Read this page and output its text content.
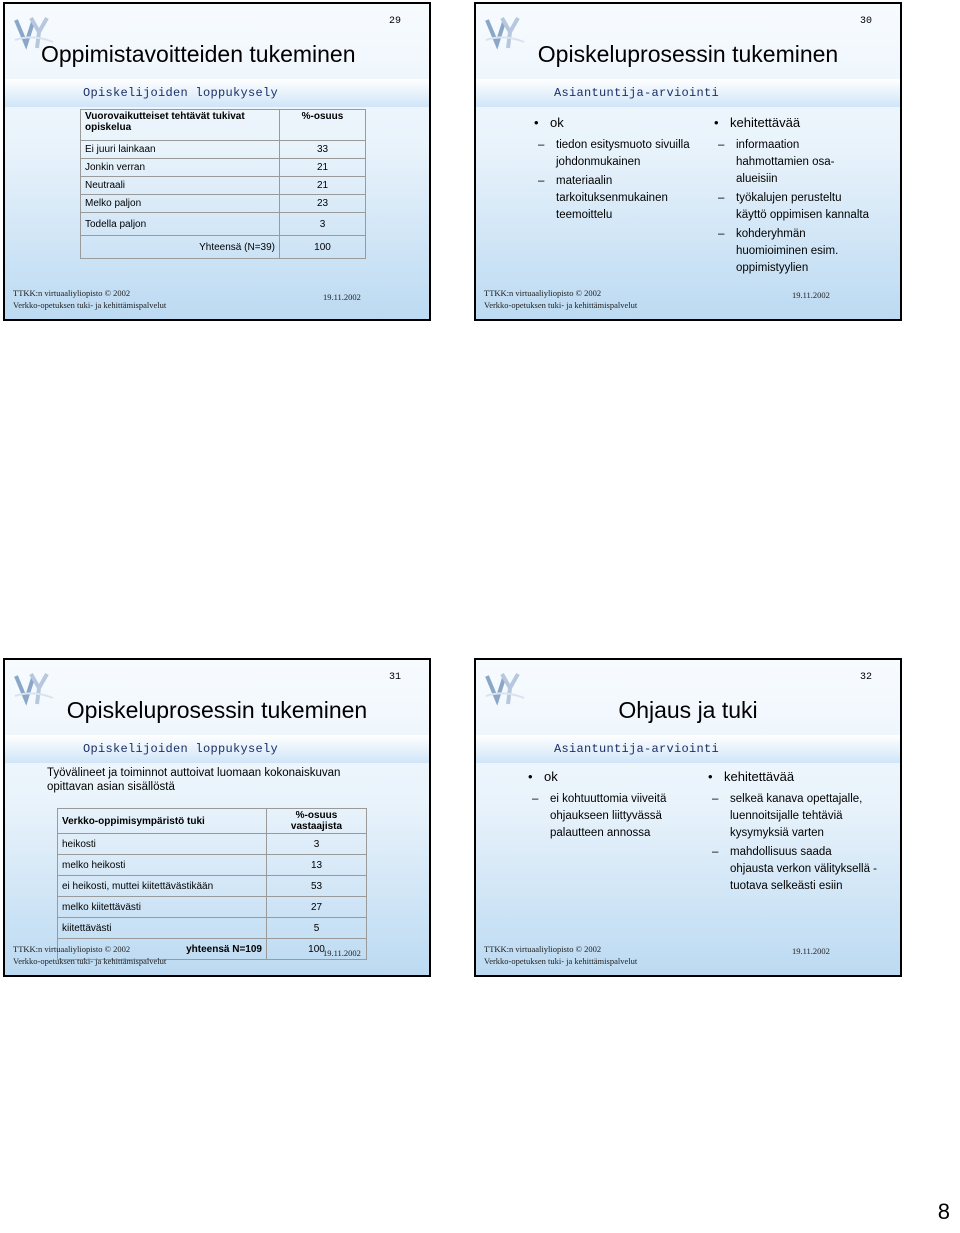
29
Oppimistavoitteiden tukeminen
Opiskelijoiden loppukysely
Vuorovaikutteiset tehtävät tukivat opiskelua	%-osuus
Ei juuri lainkaan	33
Jonkin verran	21
Neutraali	21
Melko paljon	23
Todella paljon	3
Yhteensä (N=39)	100
TTKK:n virtuaaliyliopisto © 2002
Verkko-opetuksen tuki- ja kehittämispalvelut
19.11.2002
30
Opiskeluprosessin tukeminen
Asiantuntija-arviointi
• ok
– tiedon esitysmuoto sivuilla johdonmukainen
– materiaalin tarkoituksenmukainen teemoittelu
• kehitettävää
– informaation hahmottamien osa-alueisiin
– työkalujen perusteltu käyttö oppimisen kannalta
– kohderyhmän huomioiminen esim. oppimistyylien
TTKK:n virtuaaliyliopisto © 2002
Verkko-opetuksen tuki- ja kehittämispalvelut
19.11.2002
31
Opiskeluprosessin tukeminen
Opiskelijoiden loppukysely
Työvälineet ja toiminnot auttoivat luomaan kokonaiskuvan opittavan asian sisällöstä
Verkko-oppimisympäristö tuki	%-osuus vastaajista
heikosti	3
melko heikosti	13
ei heikosti, muttei kiitettävästikään	53
melko kiitettävästi	27
kiitettävästi	5
yhteensä N=109	100
TTKK:n virtuaaliyliopisto © 2002
Verkko-opetuksen tuki- ja kehittämispalvelut
19.11.2002
32
Ohjaus ja tuki
Asiantuntija-arviointi
• ok
– ei kohtuuttomia viiveitä ohjaukseen liittyvässä palautteen annossa
• kehitettävää
– selkeä kanava opettajalle, luennoitsijalle tehtäviä kysymyksiä varten
– mahdollisuus saada ohjausta verkon välityksellä - tuotava selkeästi esiin
TTKK:n virtuaaliyliopisto © 2002
Verkko-opetuksen tuki- ja kehittämispalvelut
19.11.2002
8
